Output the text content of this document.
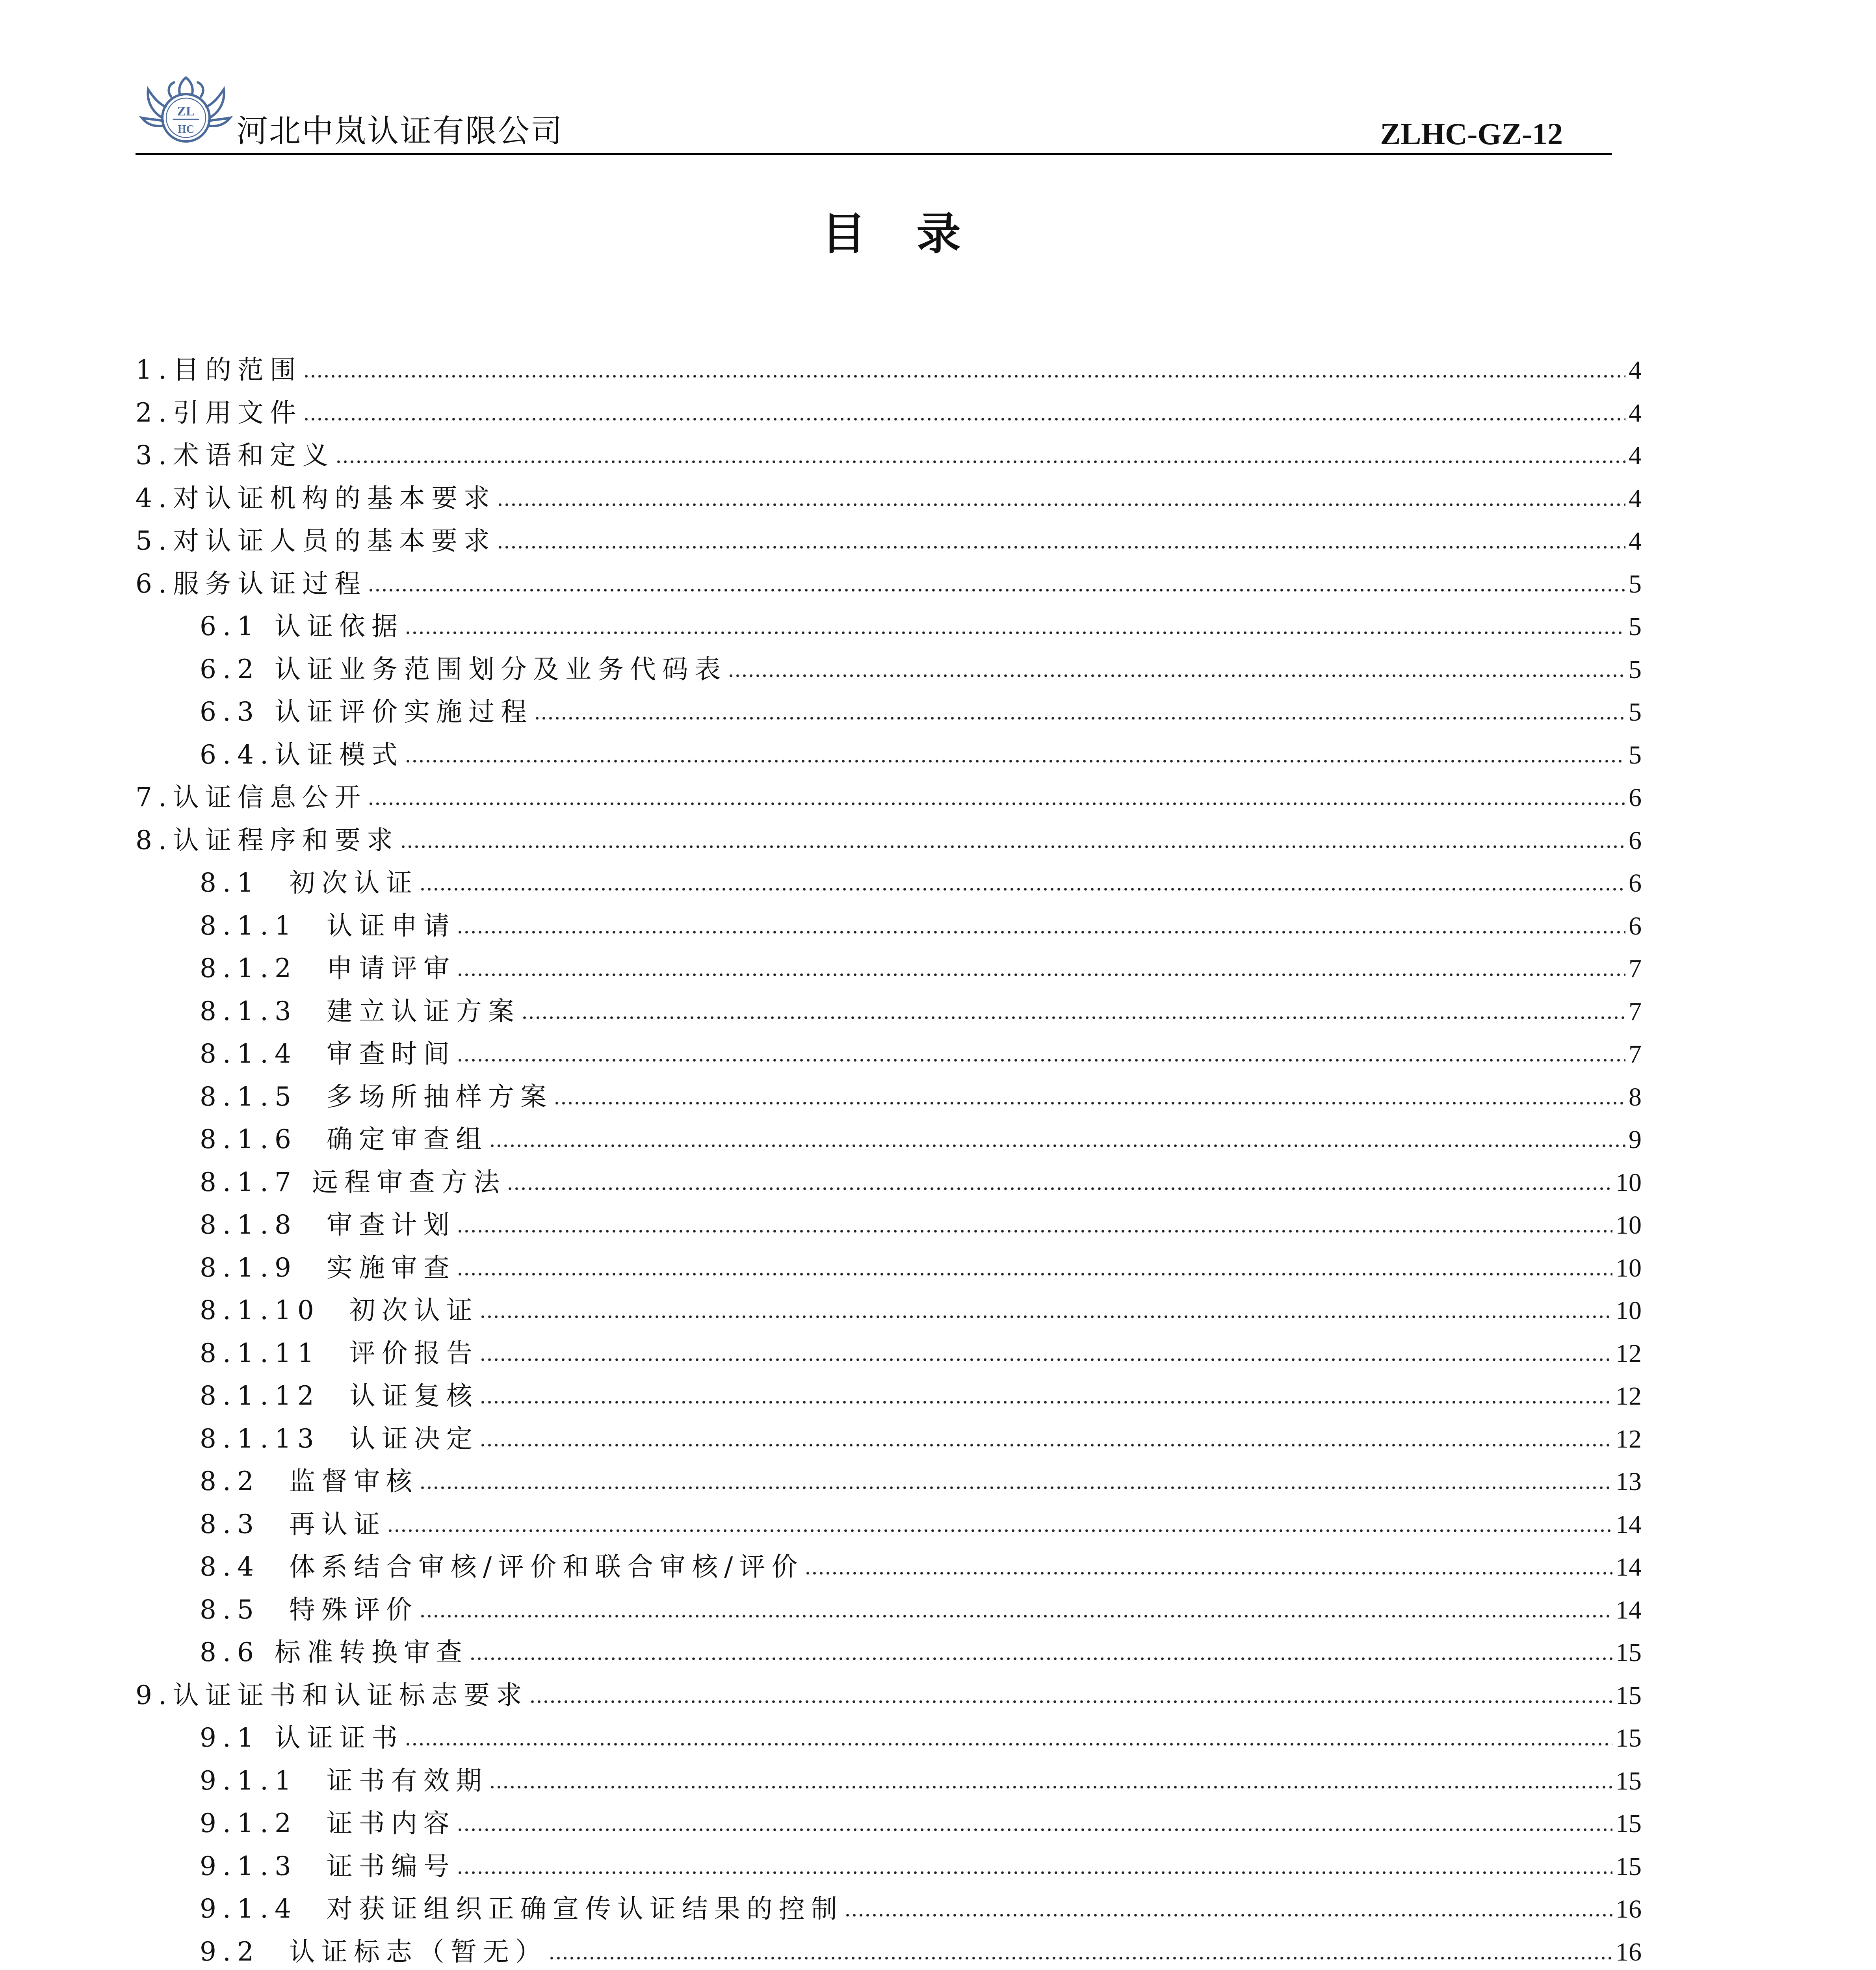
ZL
HC 河北中岚认证有限公司	ZLHC-GZ-12
目 录
1.目的范围	4
2.引用文件	4
3.术语和定义	4
4.对认证机构的基本要求	4
5.对认证人员的基本要求	4
6.服务认证过程	5
6.1 认证依据	5
6.2 认证业务范围划分及业务代码表	5
6.3 认证评价实施过程	5
6.4.认证模式	5
7.认证信息公开	6
8.认证程序和要求	6
8.1  初次认证	6
8.1.1  认证申请	6
8.1.2  申请评审	7
8.1.3  建立认证方案	7
8.1.4  审查时间	7
8.1.5  多场所抽样方案	8
8.1.6  确定审查组	9
8.1.7 远程审查方法	10
8.1.8  审查计划	10
8.1.9  实施审查	10
8.1.10  初次认证	10
8.1.11  评价报告	12
8.1.12  认证复核	12
8.1.13  认证决定	12
8.2  监督审核	13
8.3  再认证	14
8.4  体系结合审核/评价和联合审核/评价	14
8.5  特殊评价	14
8.6 标准转换审查	15
9.认证证书和认证标志要求	15
9.1 认证证书	15
9.1.1  证书有效期	15
9.1.2  证书内容	15
9.1.3  证书编号	15
9.1.4  对获证组织正确宣传认证结果的控制	16
9.2  认证标志（暂无）	16
